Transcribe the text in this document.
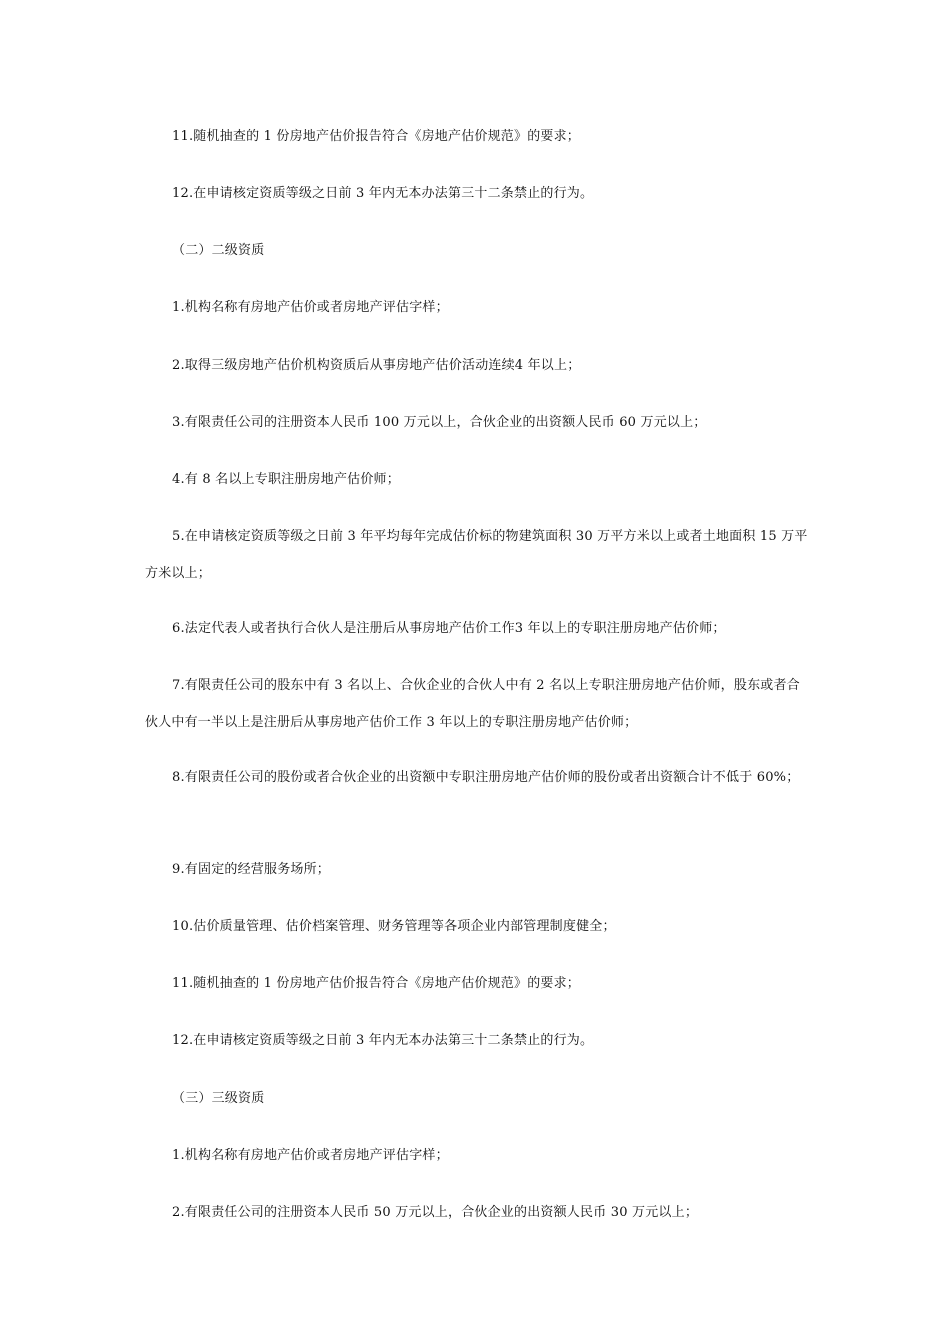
11.随机抽查的 1 份房地产估价报告符合《房地产估价规范》的要求；

12.在申请核定资质等级之日前 3 年内无本办法第三十二条禁止的行为。

（二）二级资质

1.机构名称有房地产估价或者房地产评估字样；

2.取得三级房地产估价机构资质后从事房地产估价活动连续4 年以上；

3.有限责任公司的注册资本人民币 100 万元以上，合伙企业的出资额人民币 60 万元以上；

4.有 8 名以上专职注册房地产估价师；

5.在申请核定资质等级之日前 3 年平均每年完成估价标的物建筑面积 30 万平方米以上或者土地面积 15 万平方米以上；

6.法定代表人或者执行合伙人是注册后从事房地产估价工作3 年以上的专职注册房地产估价师；

7.有限责任公司的股东中有 3 名以上、合伙企业的合伙人中有 2 名以上专职注册房地产估价师，股东或者合伙人中有一半以上是注册后从事房地产估价工作 3 年以上的专职注册房地产估价师；

8.有限责任公司的股份或者合伙企业的出资额中专职注册房地产估价师的股份或者出资额合计不低于 60%；

9.有固定的经营服务场所；

10.估价质量管理、估价档案管理、财务管理等各项企业内部管理制度健全；

11.随机抽查的 1 份房地产估价报告符合《房地产估价规范》的要求；

12.在申请核定资质等级之日前 3 年内无本办法第三十二条禁止的行为。

（三）三级资质

1.机构名称有房地产估价或者房地产评估字样；

2.有限责任公司的注册资本人民币 50 万元以上，合伙企业的出资额人民币 30 万元以上；
